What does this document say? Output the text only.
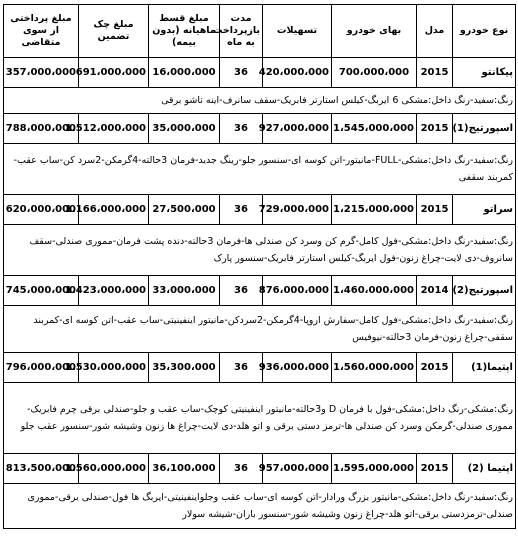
نوع خودرو	مدل	بهای خودرو	تسهیلات	مدت بازپرداخت به ماه	مبلغ قسط ماهیانه (بدون بیمه)	مبلغ چک تضمین	مبلغ پرداختی از سوی متقاضی
پیکانتو	2015	700،000،000	420،000،000	36	16،000،000	691،000،000	357،000،000
رنگ:سفید-رنگ داخل:مشکی 6 ایربگ-کیلس استارتر فابریک-سقف سانرف-اینه تاشو برقی							
اسپورتیج(1)	2015	1،545،000،000	927،000،000	36	35،000،000	1،512،000،000	788،000،000
رنگ:سفید-رنگ داخل:مشکی-FULL-مانیتور-اتن کوسه ای-سنسور جلو-رینگ جدید-فرمان 3حالته-4گرمکن-2سرد کن-ساب عقب-کمربند سقفی							
سراتو	2015	1،215،000،000	729،000،000	36	27،500،000	1،166،000،000	620،000،000
رنگ:سفید-رنگ داخل:مشکی-فول کامل-گرم کن وسرد کن صندلی ها-فرمان 3حالته-دنده پشت فرمان-مموری صندلی-سقف سانروف-دی لایت-چراغ زنون-فول ایربگ-کیلس استارتر فابریک-سنسور پارک							
اسپورتیج(2)	2014	1،460،000،000	876،000،000	36	33،000،000	1،423،000،000	745،000،000
رنگ:سفید-رنگ داخل:مشکی-فول کامل-سفارش اروپا-4گرمکن-2سردکن-مانیتور اینفینیتی-ساب عقب-اتن کوسه ای-کمربند سقفی-چراغ زنون-فرمان 3حالته-نیوفیس							
اپتیما(1)	2015	1،560،000،000	936،000،000	36	35،300،000	1،530،000،000	796،000،000
رنگ:مشکی-رنگ داخل:مشکی-فول با فرمان D و3حالته-مانیتور اینفینیتی کوچک-ساب عقب و جلو-صندلی برقی چرم فابریک-مموری صندلی-گرمکن وسرد کن صندلی ها-ترمز دستی برقی و اتو هلد-دی لایت-چراغ ها زنون وشیشه شور-سنسور عقب جلو							
اپتیما (2)	2015	1،595،000،000	957،000،000	36	36،100،000	1،560،000،000	813،500،000
رنگ:سفید-رنگ داخل:مشکی-مانیتور بزرگ ورادار-اتن کوسه ای-ساب عقب وجلواینفینیتی-ایربگ ها فول-صندلی برقی-مموری صندلی-ترمزدستی برقی-اتو هلد-چراغ زنون وشیشه شور-سنسور باران-شیشه سولار							
